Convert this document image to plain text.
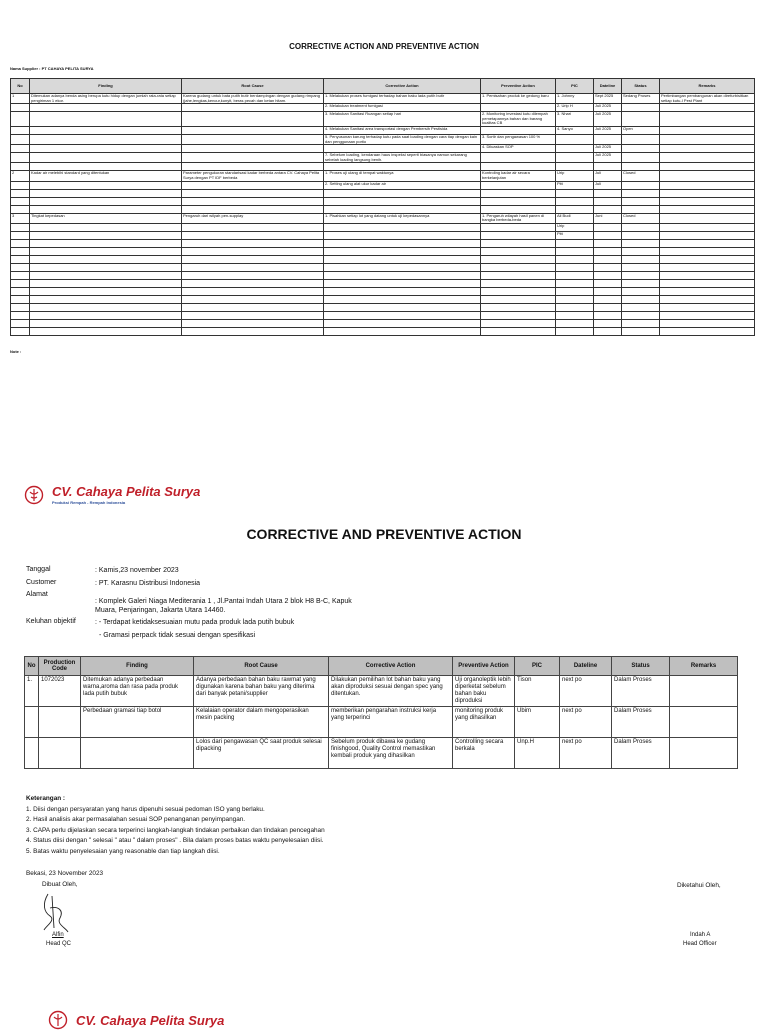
CORRECTIVE ACTION AND PREVENTIVE ACTION
Nama Supplier : PT CAHAYA PELITA SURYA
No	Finding	Root Cause	Corrective Action	Preventive Action	PIC	Dateline	Status	Remarks
1	Ditemukan adanya benda asing berupa kutu hidup dengan jumlah rata-rata setiap pengiriman 1 ekor.	Karena gudang untuk bata putih butir berdampingan dengan gudang rimpang (jahe,lengkas,kencur,kunyit, beras pecah dan ketan hitam.	1. Melakukan proses fumigasi terhadap bahan baku lada putih butir	1. Pemisahan produk ke gedung baru	1. Johnny	Sept 2025	Sedang Proses	Pertimbangan pembangunan akan direfurbisitkan setiap kutu-I Pest Plant
			2. Melakukan treatment fumigasi		2. Urip H	Juli 2025		
			3. Melakukan Sanitasi Ruangan setiap hari	2. Monitoring investasi kutu dilempah pemetapannya bahan dan barang kualitas CB	3. Nhari	Juli 2025		
			4. Melakukan Sanitasi area transportasi dengan Pembersih Pestisida		4. Sanyo	Juli 2025	Open	
			5. Penyusunan karung terhadap kutu pada saat loading dengan cara tiap dengan kain dan penggunaan portio	3. Sortir dan pengawasan 100 %				
				4. Diluaskan SOP		Juli 2025		
			7. Sebelum loading, kendaraan haus inspeksi seperti biasanya namun sekarang sebelah loading langsung benih.			Juli 2025		

2	Kadar air melebihi standard yang ditentukan	Parameter pengukuran standarisasi kadar berbeda antara CV. Cahaya Pelita Surya dengan PT IDF berbeda	1. Proses uji ulang di tempat waktunya	Kontroling kadar air secara berkelanjutan	Urip	Juli	Closed	
			2. Setting ulang alat ukur kadar air		Pitt	Juli		

3	Tingkat kepedasan	Pengaruh dari wilyah pen-supplay	1. Pisahkan setiap lot yang datang untuk uji kepedasannya	1. Pengaruh wilayah hasil panen di bangka berbeda-beda	Ali Budi	Juni	Closed	
					Urip			
					Pitt			

Note :
CV. Cahaya Pelita Surya
Produksi Rempah - Rempah Indonesia
CORRECTIVE AND PREVENTIVE ACTION
Tanggal	: Kamis,23 november 2023
Customer	: PT. Karasnu Distribusi Indonesia
Alamat
: Komplek Galeri Niaga Mediterania 1 , Jl.Pantai Indah Utara 2 blok H8 B-C, Kapuk Muara, Penjaringan, Jakarta Utara 14460.
Keluhan objektif	: - Terdapat ketidaksesuaian mutu pada produk lada putih bubuk
- Gramasi perpack tidak sesuai dengan spesifikasi
No	Production Code	Finding	Root Cause	Corrective Action	Preventive Action	PIC	Dateline	Status	Remarks
1.	1072023	Ditemukan adanya perbedaan warna,aroma dan rasa pada produk lada putih bubuk	Adanya perbedaan bahan baku rawmat yang digunakan karena bahan baku yang diterima dari banyak petani/supplier	Dilakukan pemilihan lot bahan baku yang akan diproduksi sesuai dengan spec yang ditentukan.	Uji organoleptik lebih diperketat sebelum bahan baku diproduksi	Tison	next po	Dalam Proses	
		Perbedaan gramasi tiap botol	Kelalaian operator dalam mengoperasikan mesin packing	memberikan pengarahan instruksi kerja yang terperinci	monitoring produk yang dihasilkan	Ubim	next po	Dalam Proses	
			Lolos dari pengawasan QC saat produk selesai dipacking	Sebelum produk dibawa ke gudang finishgood, Quality Control memastikan kembali produk yang dihasilkan	Controlling secara berkala	Unp.H	next po	Dalam Proses	
Keterangan :
1. Diisi dengan persyaratan yang harus dipenuhi sesuai pedoman ISO yang berlaku.
2. Hasil analisis akar permasalahan sesuai SOP penanganan penyimpangan.
3. CAPA perlu dijelaskan secara terperinci langkah-langkah tindakan perbaikan dan tindakan pencegahan
4. Status diisi dengan " selesai " atau " dalam proses" . Bila dalam proses batas waktu penyelesaian diisi.
5. Batas waktu penyelesaian yang reasonable dan tiap langkah diisi.
Bekasi, 23 November 2023
Dibuat Oleh,	Diketahui Oleh,
Alfin
Head QC
Indah A
Head Officer
CV. Cahaya Pelita Surya
